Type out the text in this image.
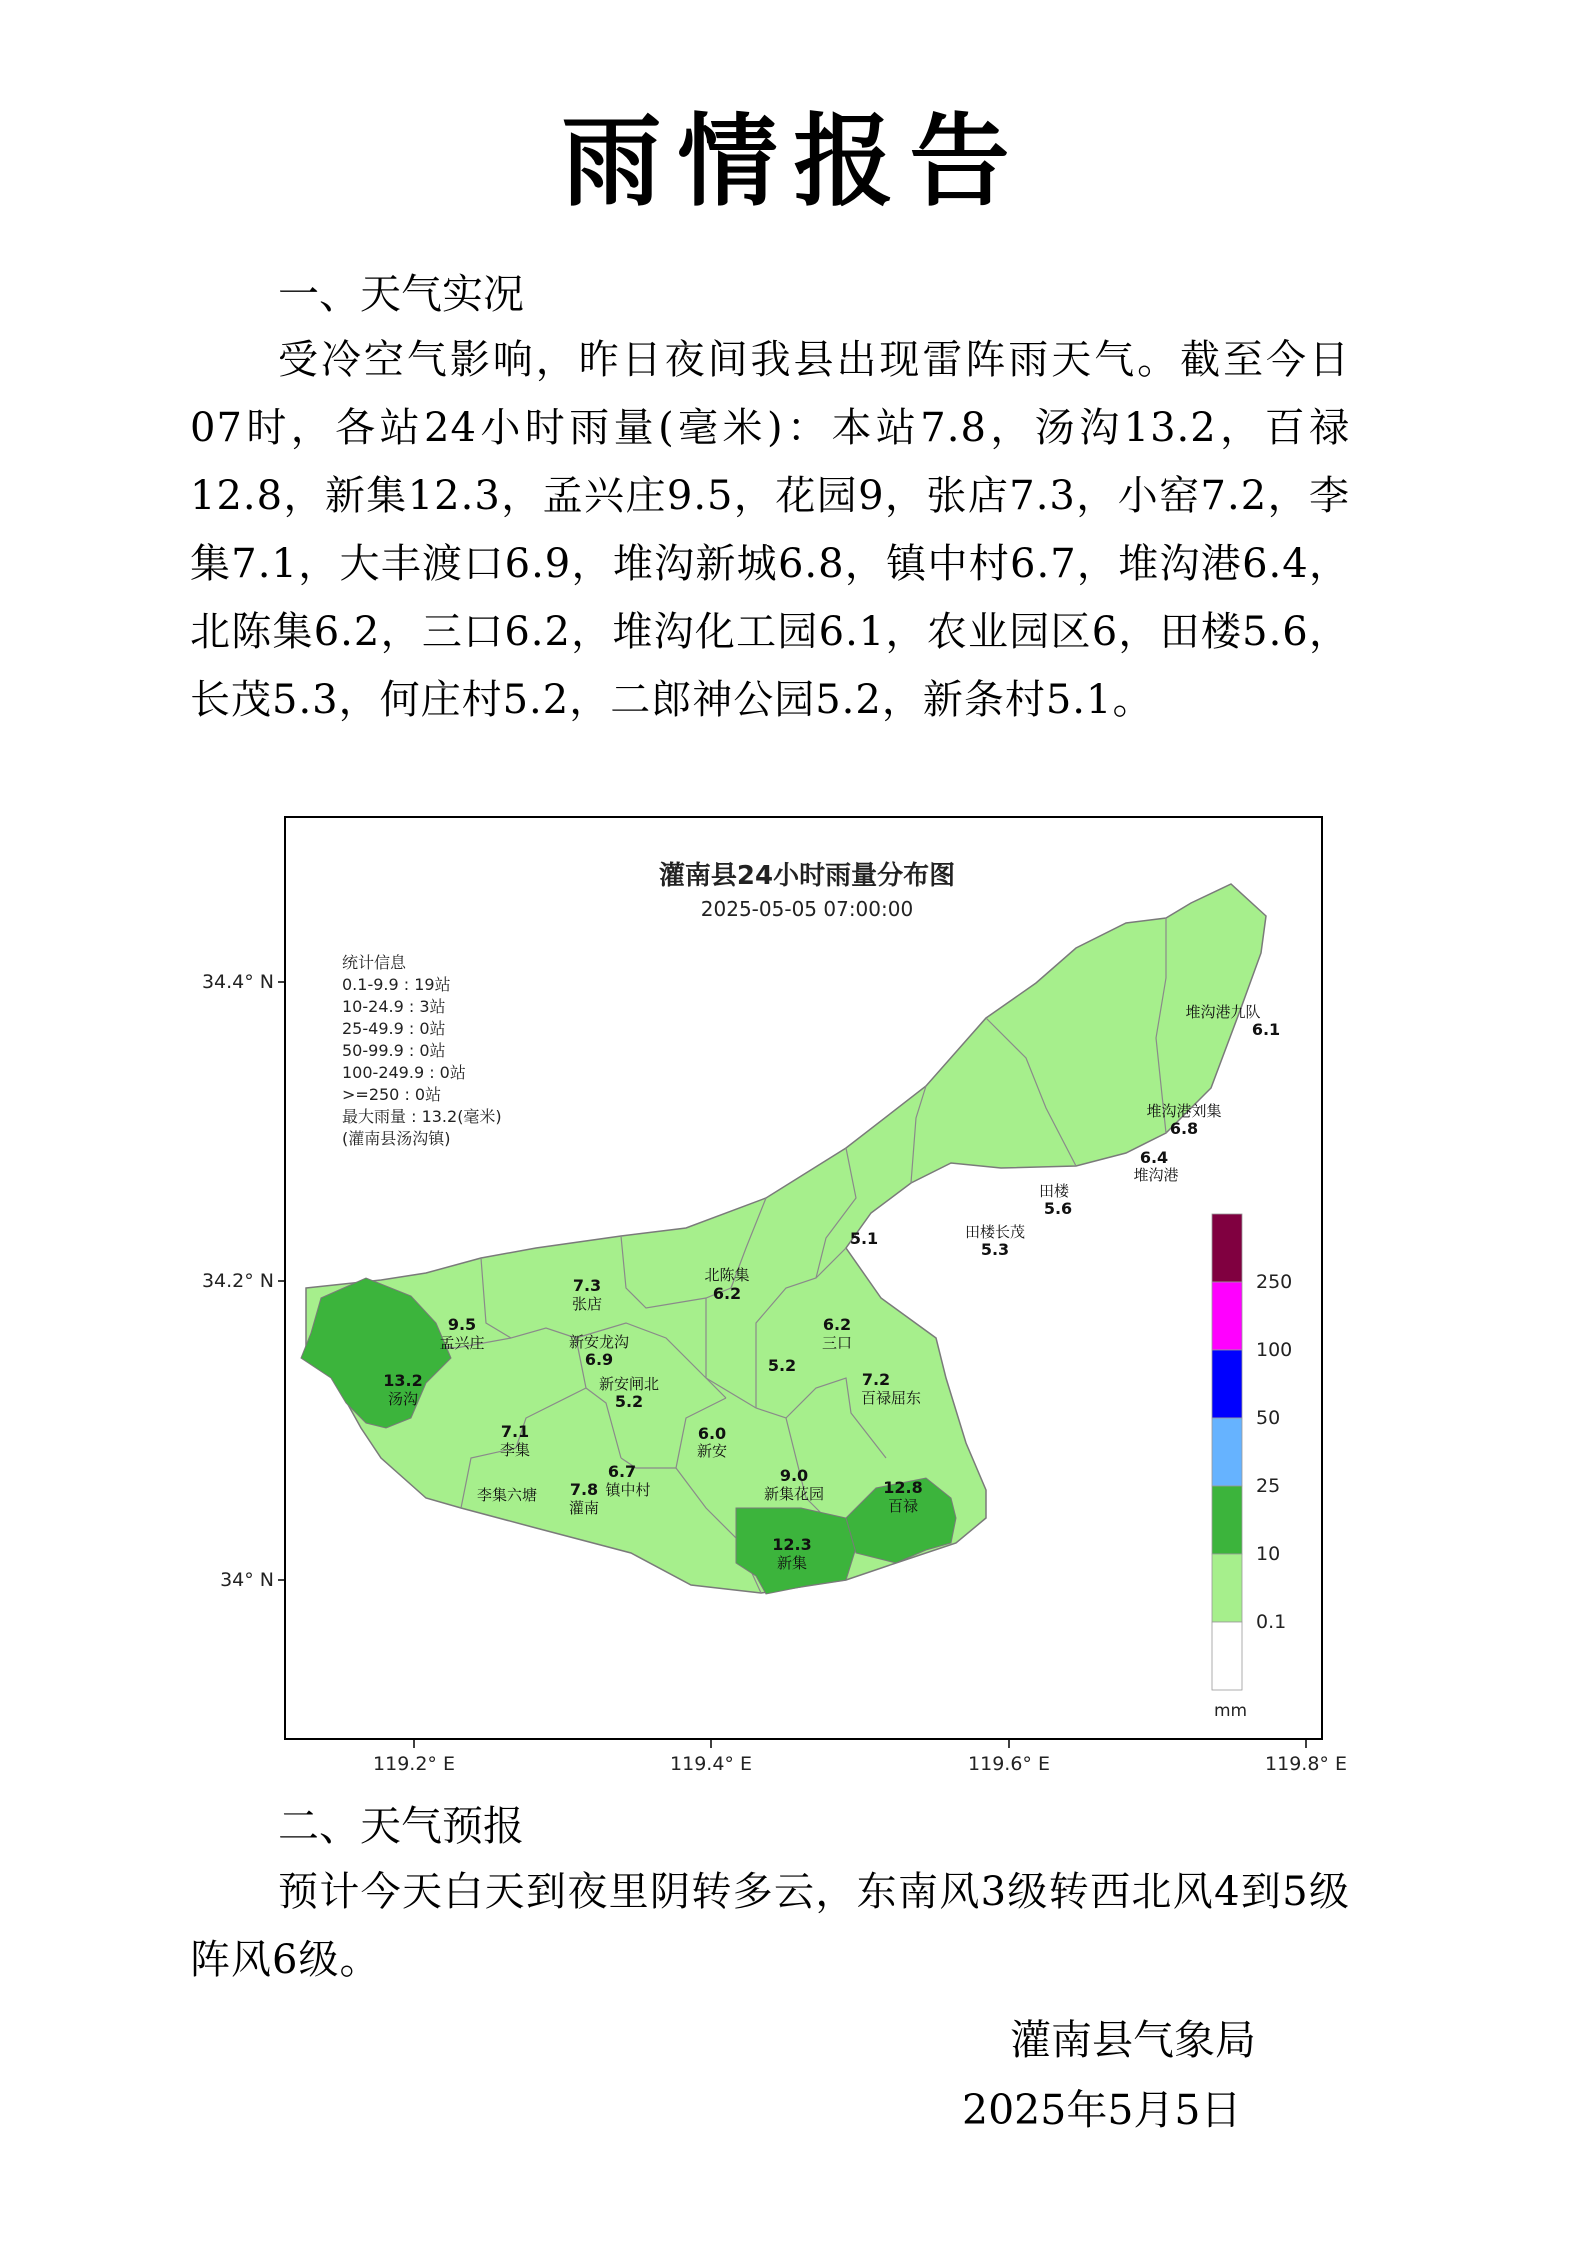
雨情报告
一、天气实况

受冷空气影响，昨日夜间我县出现雷阵雨天气。截至今日07时，各站24小时雨量(毫米)：本站7.8，汤沟13.2，百禄12.8，新集12.3，孟兴庄9.5，花园9，张店7.3，小窑7.2，李集7.1，大丰渡口6.9，堆沟新城6.8，镇中村6.7，堆沟港6.4，北陈集6.2，三口6.2，堆沟化工园6.1，农业园区6，田楼5.6，长茂5.3，何庄村5.2，二郎神公园5.2，新条村5.1。

灌南县24小时雨量分布图
2025-05-05 07:00:00
统计信息
0.1-9.9 : 19站
10-24.9 : 3站
25-49.9 : 0站
50-99.9 : 0站
100-249.9 : 0站
>=250 : 0站
最大雨量 : 13.2(毫米)
(灌南县汤沟镇)
13.2
汤沟
9.5
孟兴庄
7.3
张店
新安龙沟
6.9
新安闸北
5.2
北陈集
6.2
5.1
6.2
三口
5.2
7.2
百禄屈东
7.1
李集
李集六塘 7.8
灌南
6.7
镇中村
6.0
新安
9.0
新集花园
12.3
新集
12.8
百禄
田楼长茂
5.3
田楼
5.6
6.4
堆沟港
堆沟港刘集
6.8
堆沟港九队
6.1
250
100
50
25
10
0.1
mm
34.4° N
34.2° N
34° N
119.2° E	119.4° E	119.6° E	119.8° E
二、天气预报

预计今天白天到夜里阴转多云，东南风3级转西北风4到5级阵风6级。

灌南县气象局
2025年5月5日
